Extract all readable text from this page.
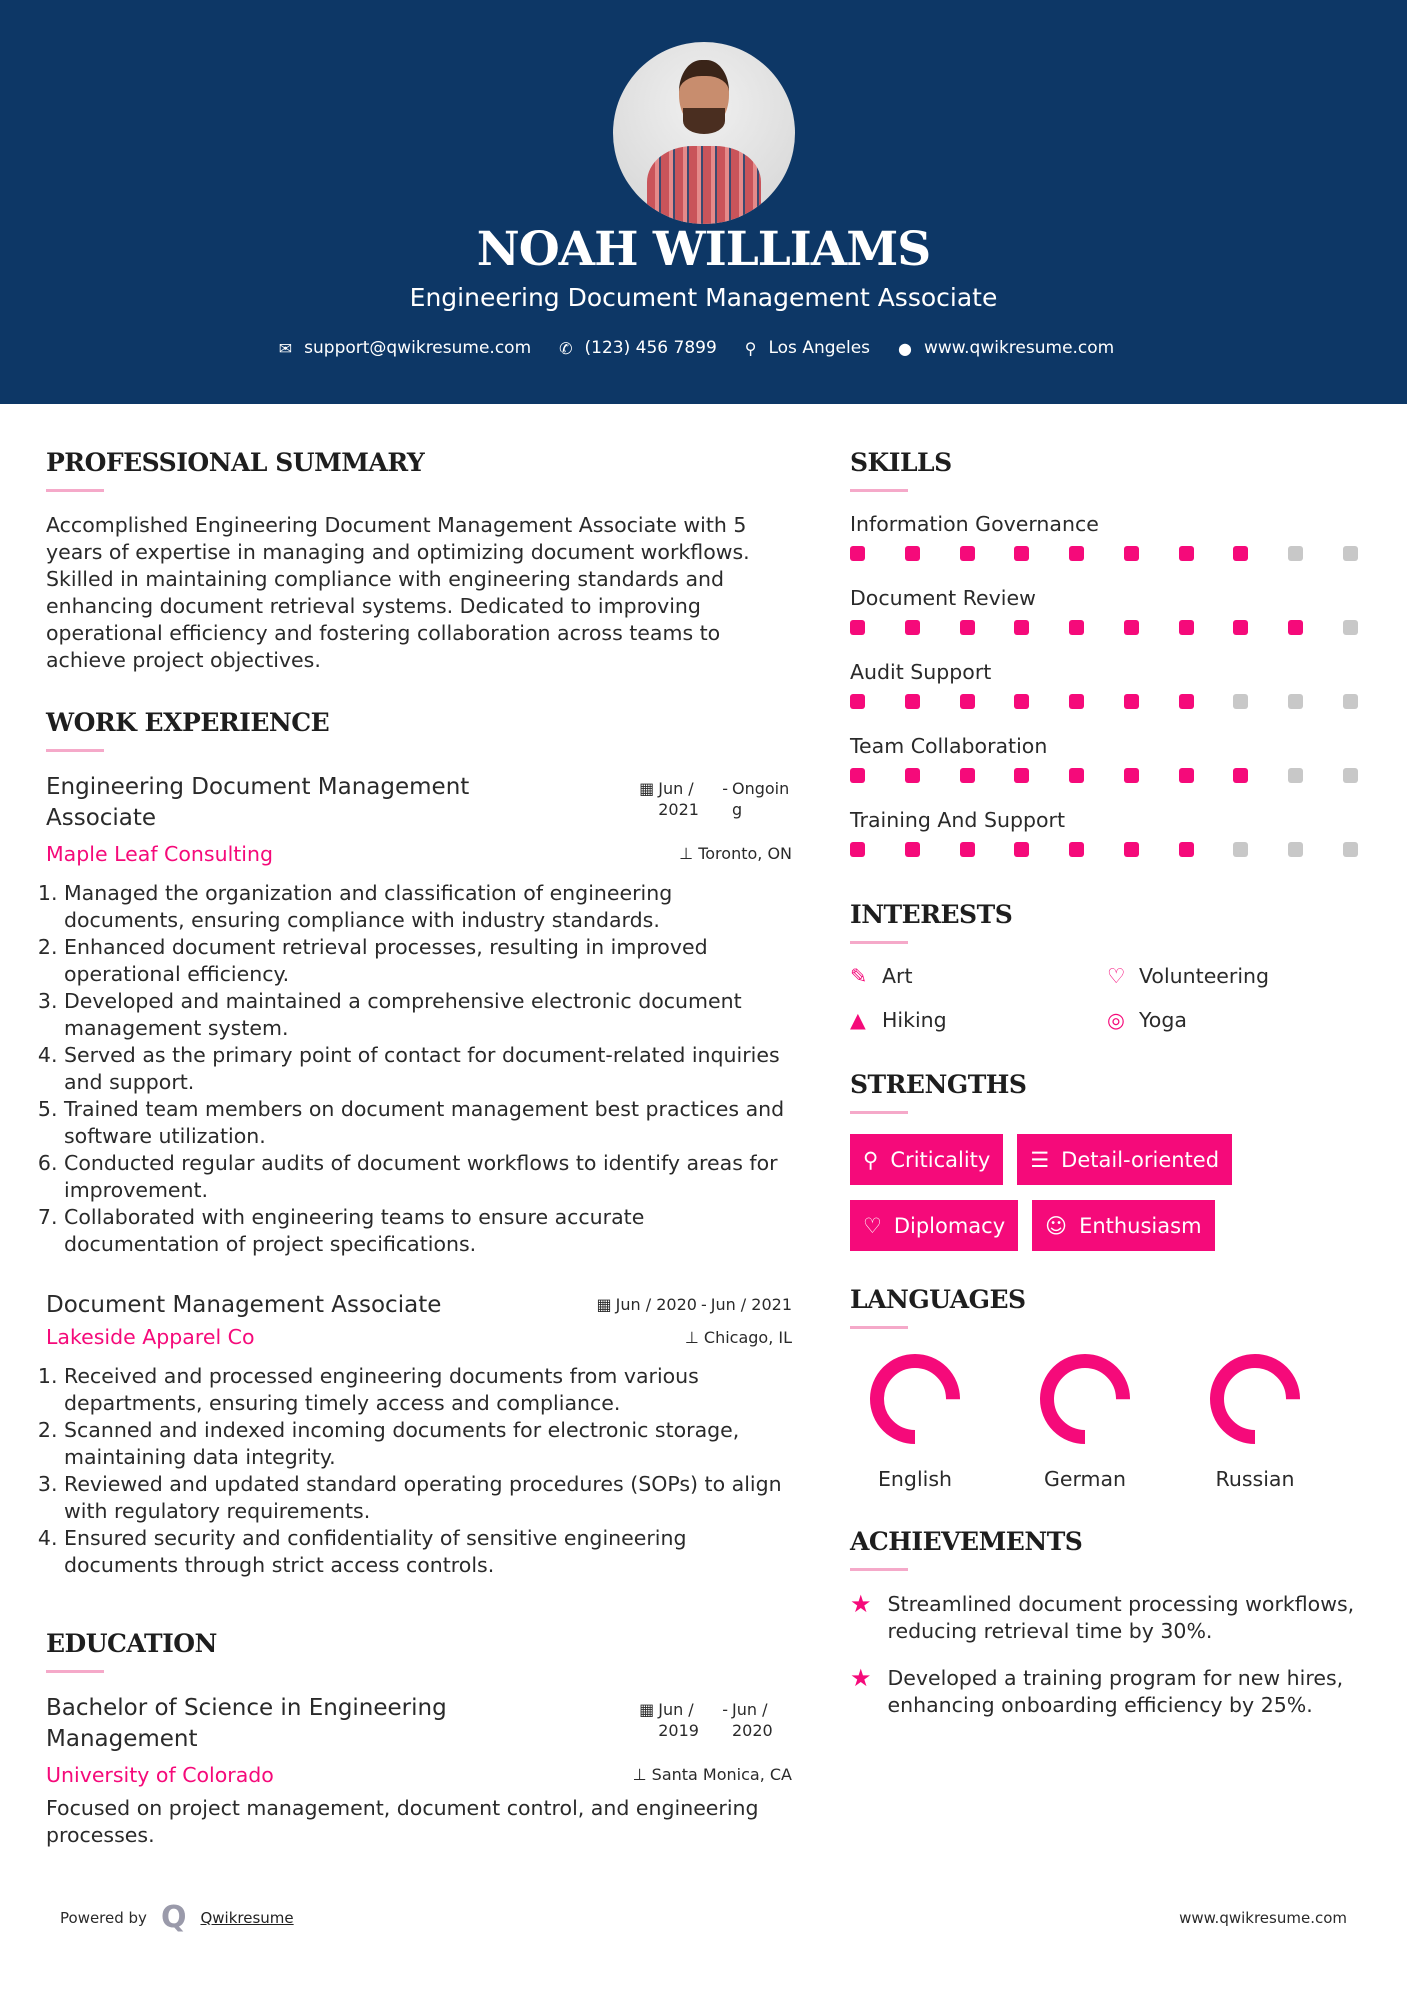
NOAH WILLIAMS
Engineering Document Management Associate
✉ support@qwikresume.com ✆ (123) 456 7899 ⚲ Los Angeles ● www.qwikresume.com
PROFESSIONAL SUMMARY

Accomplished Engineering Document Management Associate with 5 years of expertise in managing and optimizing document workflows. Skilled in maintaining compliance with engineering standards and enhancing document retrieval systems. Dedicated to improving operational efficiency and fostering collaboration across teams to achieve project objectives.

WORK EXPERIENCE
Engineering Document Management Associate
▦ Jun / 2021
- Ongoing
Maple Leaf Consulting	⊥ Toronto, ON
1. Managed the organization and classification of engineering documents, ensuring compliance with industry standards.
2. Enhanced document retrieval processes, resulting in improved operational efficiency.
3. Developed and maintained a comprehensive electronic document management system.
4. Served as the primary point of contact for document-related inquiries and support.
5. Trained team members on document management best practices and software utilization.
6. Conducted regular audits of document workflows to identify areas for improvement.
7. Collaborated with engineering teams to ensure accurate documentation of project specifications.
Document Management Associate	▦ Jun / 2020 - Jun / 2021
Lakeside Apparel Co	⊥ Chicago, IL
1. Received and processed engineering documents from various departments, ensuring timely access and compliance.
2. Scanned and indexed incoming documents for electronic storage, maintaining data integrity.
3. Reviewed and updated standard operating procedures (SOPs) to align with regulatory requirements.
4. Ensured security and confidentiality of sensitive engineering documents through strict access controls.
EDUCATION
Bachelor of Science in Engineering Management
▦ Jun / 2019
- Jun / 2020
University of Colorado	⊥ Santa Monica, CA

Focused on project management, document control, and engineering processes.

SKILLS
Information Governance
Document Review
Audit Support
Team Collaboration
Training And Support
INTERESTS
✎ Art	♡ Volunteering
▲ Hiking	◎ Yoga
STRENGTHS
⚲ Criticality ☰ Detail-oriented
♡ Diplomacy ☺ Enthusiasm
LANGUAGES
English	German	Russian
ACHIEVEMENTS
★ Streamlined document processing workflows, reducing retrieval time by 30%.
★ Developed a training program for new hires, enhancing onboarding efficiency by 25%.
Powered by Q Qwikresume	www.qwikresume.com
